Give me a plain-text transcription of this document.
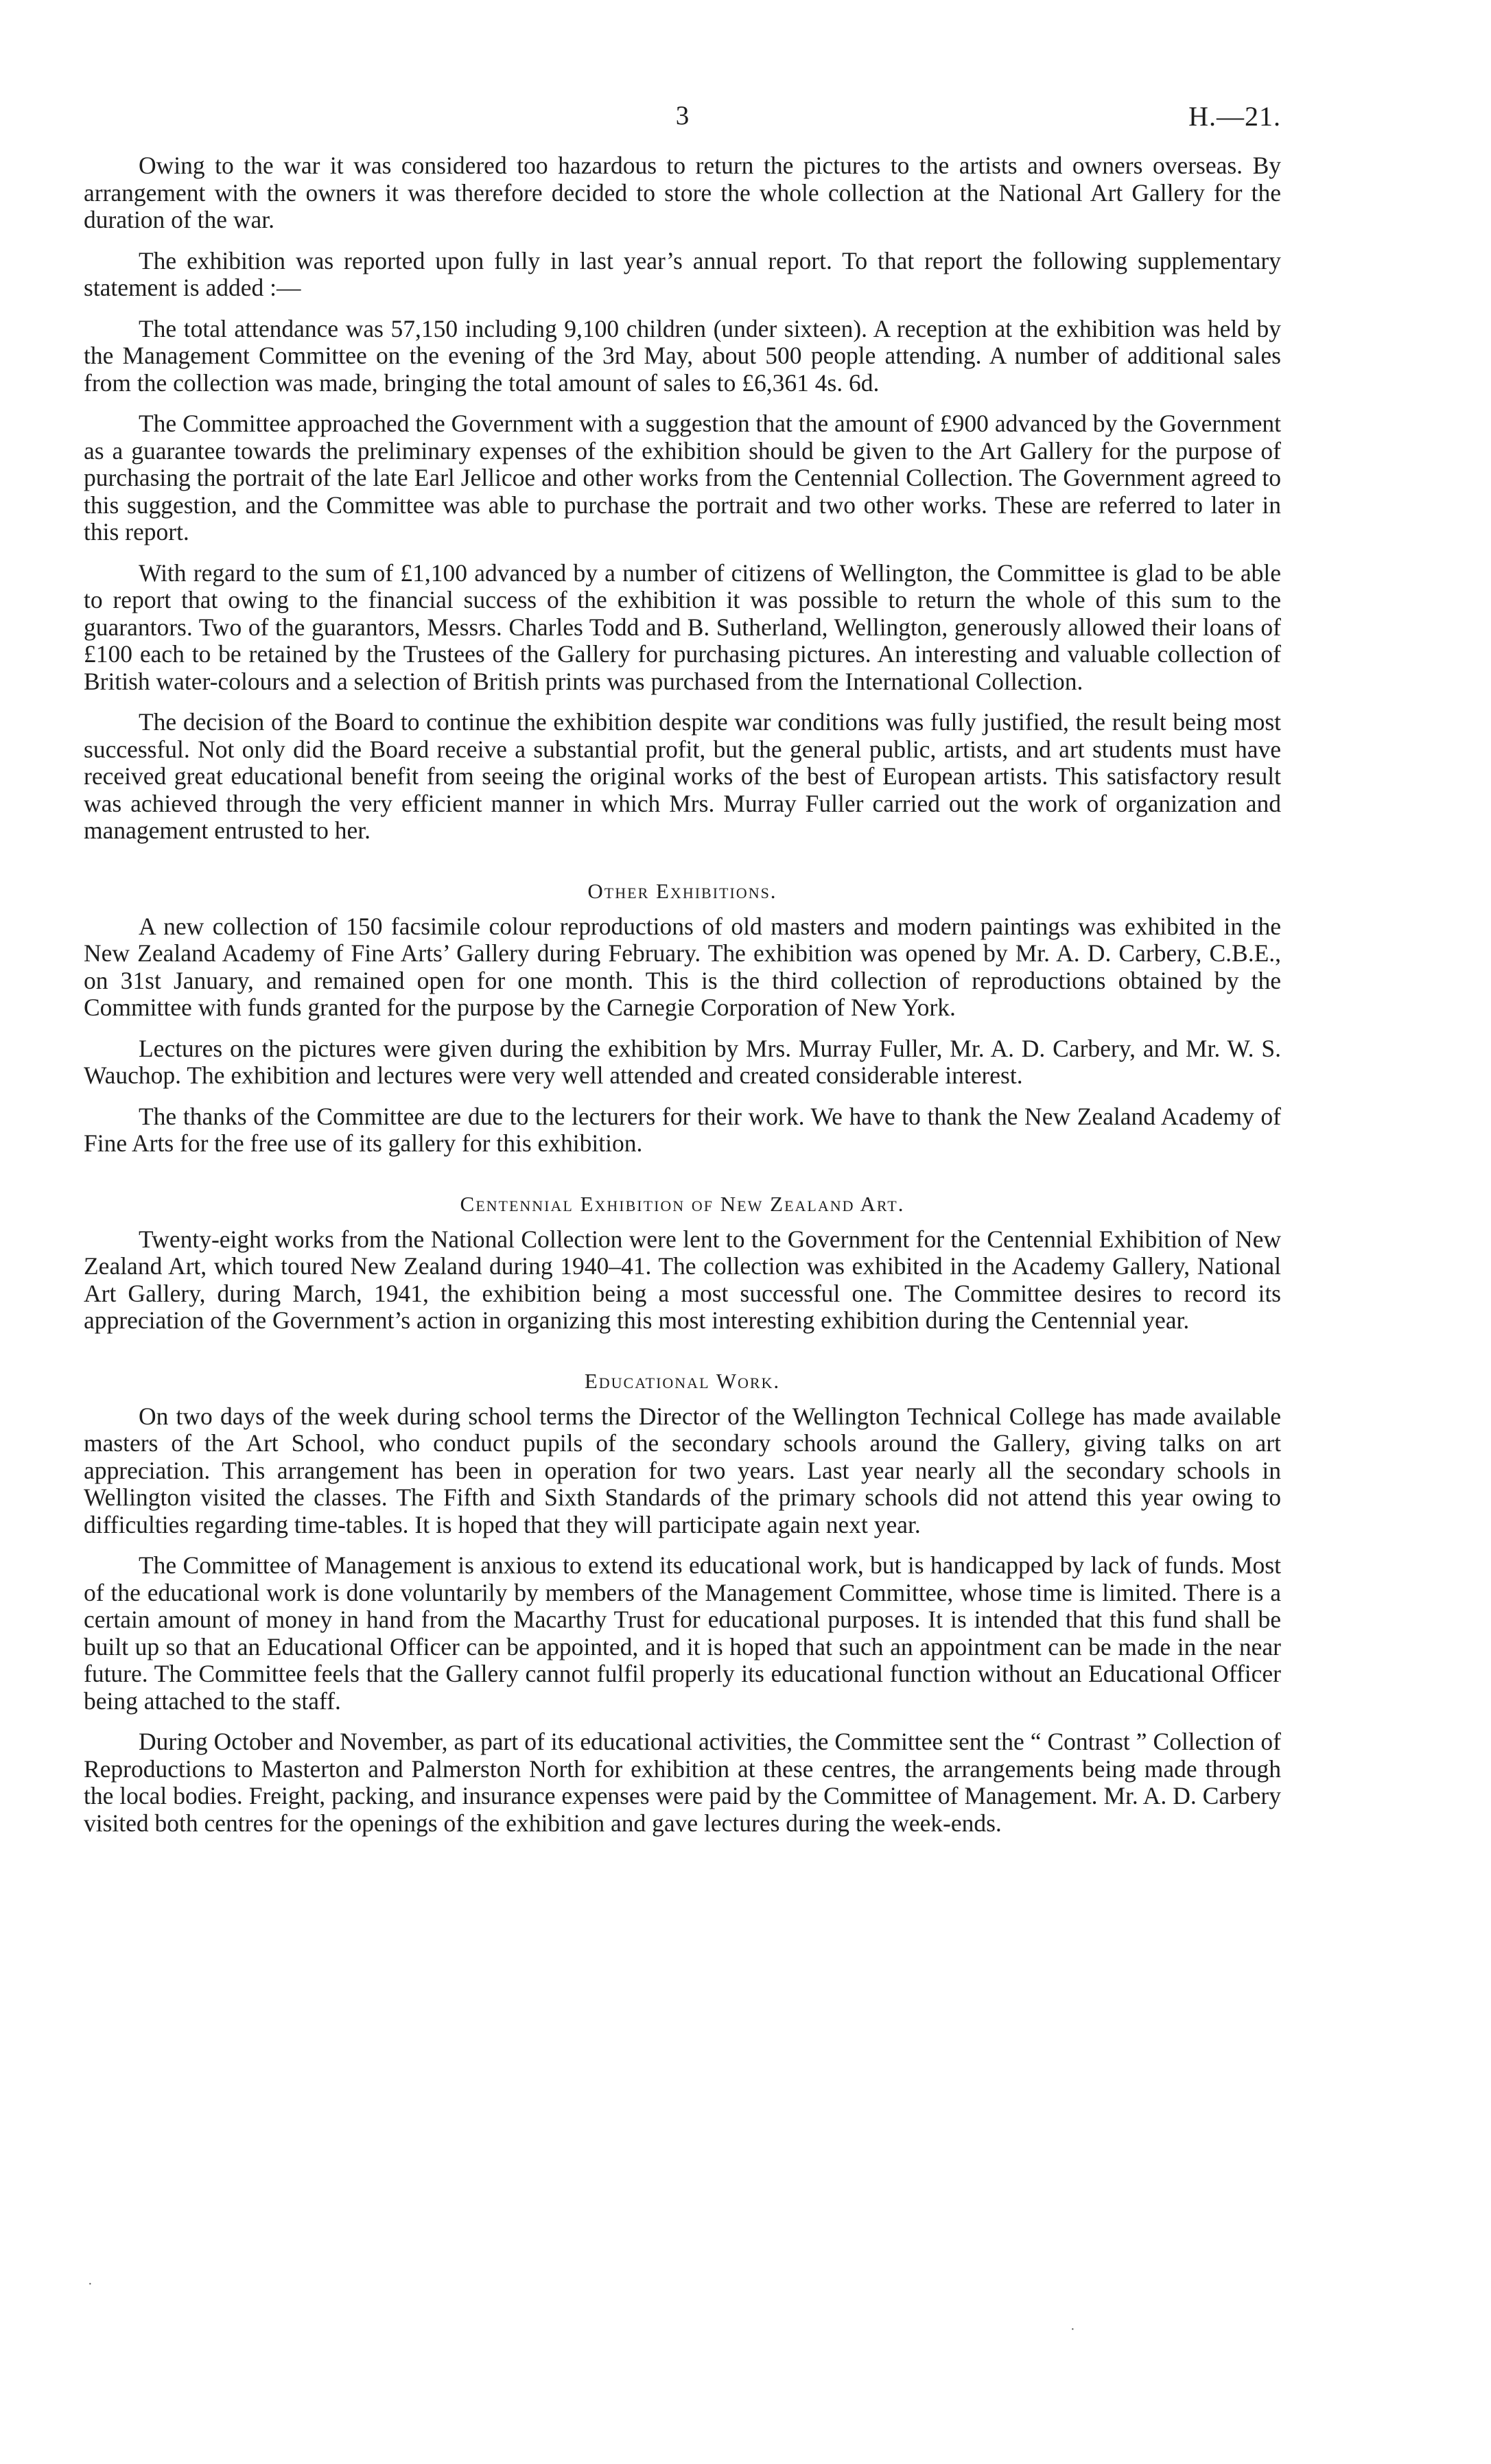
3	H.—21.

Owing to the war it was considered too hazardous to return the pictures to the artists and owners overseas. By arrangement with the owners it was therefore decided to store the whole collection at the National Art Gallery for the duration of the war.

The exhibition was reported upon fully in last year’s annual report. To that report the following supplementary statement is added :—

The total attendance was 57,150 including 9,100 children (under sixteen). A reception at the exhibition was held by the Management Committee on the evening of the 3rd May, about 500 people attending. A number of additional sales from the collection was made, bringing the total amount of sales to £6,361 4s. 6d.

The Committee approached the Government with a suggestion that the amount of £900 advanced by the Government as a guarantee towards the preliminary expenses of the exhibition should be given to the Art Gallery for the purpose of purchasing the portrait of the late Earl Jellicoe and other works from the Centennial Collection. The Government agreed to this suggestion, and the Committee was able to purchase the portrait and two other works. These are referred to later in this report.

With regard to the sum of £1,100 advanced by a number of citizens of Wellington, the Committee is glad to be able to report that owing to the financial success of the exhibition it was possible to return the whole of this sum to the guarantors. Two of the guarantors, Messrs. Charles Todd and B. Sutherland, Wellington, generously allowed their loans of £100 each to be retained by the Trustees of the Gallery for purchasing pictures. An interesting and valuable collection of British water-colours and a selection of British prints was purchased from the International Collection.

The decision of the Board to continue the exhibition despite war conditions was fully justified, the result being most successful. Not only did the Board receive a substantial profit, but the general public, artists, and art students must have received great educational benefit from seeing the original works of the best of European artists. This satisfactory result was achieved through the very efficient manner in which Mrs. Murray Fuller carried out the work of organization and management entrusted to her.

Other Exhibitions.

A new collection of 150 facsimile colour reproductions of old masters and modern paintings was exhibited in the New Zealand Academy of Fine Arts’ Gallery during February. The exhibition was opened by Mr. A. D. Carbery, C.B.E., on 31st January, and remained open for one month. This is the third collection of reproductions obtained by the Committee with funds granted for the purpose by the Carnegie Corporation of New York.

Lectures on the pictures were given during the exhibition by Mrs. Murray Fuller, Mr. A. D. Carbery, and Mr. W. S. Wauchop. The exhibition and lectures were very well attended and created considerable interest.

The thanks of the Committee are due to the lecturers for their work. We have to thank the New Zealand Academy of Fine Arts for the free use of its gallery for this exhibition.

Centennial Exhibition of New Zealand Art.

Twenty-eight works from the National Collection were lent to the Government for the Centennial Exhibition of New Zealand Art, which toured New Zealand during 1940–41. The collection was exhibited in the Academy Gallery, National Art Gallery, during March, 1941, the exhibition being a most successful one. The Committee desires to record its appreciation of the Government’s action in organizing this most interesting exhibition during the Centennial year.

Educational Work.

On two days of the week during school terms the Director of the Wellington Technical College has made available masters of the Art School, who conduct pupils of the secondary schools around the Gallery, giving talks on art appreciation. This arrangement has been in operation for two years. Last year nearly all the secondary schools in Wellington visited the classes. The Fifth and Sixth Standards of the primary schools did not attend this year owing to difficulties regarding time-tables. It is hoped that they will participate again next year.

The Committee of Management is anxious to extend its educational work, but is handicapped by lack of funds. Most of the educational work is done voluntarily by members of the Management Committee, whose time is limited. There is a certain amount of money in hand from the Macarthy Trust for educational purposes. It is intended that this fund shall be built up so that an Educational Officer can be appointed, and it is hoped that such an appointment can be made in the near future. The Committee feels that the Gallery cannot fulfil properly its educational function without an Educational Officer being attached to the staff.

During October and November, as part of its educational activities, the Committee sent the “ Contrast ” Collection of Reproductions to Masterton and Palmerston North for exhibition at these centres, the arrangements being made through the local bodies. Freight, packing, and insurance expenses were paid by the Committee of Management. Mr. A. D. Carbery visited both centres for the openings of the exhibition and gave lectures during the week-ends.

·
·
